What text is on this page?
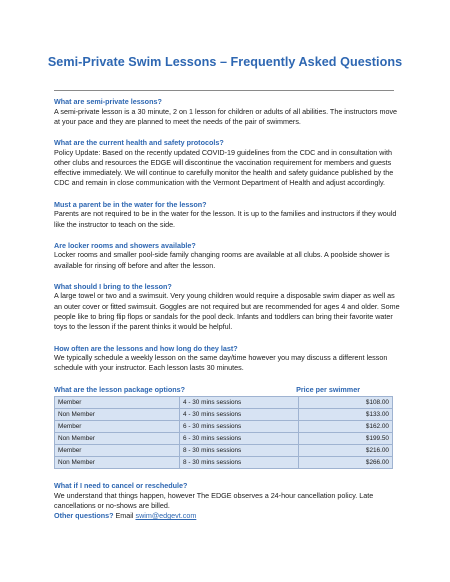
Semi-Private Swim Lessons – Frequently Asked Questions

What are semi-private lessons?

A semi-private lesson is a 30 minute, 2 on 1 lesson for children or adults of all abilities. The instructors move at your pace and they are planned to meet the needs of the pair of swimmers.

What are the current health and safety protocols?

Policy Update: Based on the recently updated COVID-19 guidelines from the CDC and in consultation with other clubs and resources the EDGE will discontinue the vaccination requirement for members and guests effective immediately. We will continue to carefully monitor the health and safety guidance published by the CDC and remain in close communication with the Vermont Department of Health and adjust accordingly.

Must a parent be in the water for the lesson?

Parents are not required to be in the water for the lesson. It is up to the families and instructors if they would like the instructor to teach on the side.

Are locker rooms and showers available?

Locker rooms and smaller pool-side family changing rooms are available at all clubs. A poolside shower is available for rinsing off before and after the lesson.

What should I bring to the lesson?

A large towel or two and a swimsuit. Very young children would require a disposable swim diaper as well as an outer cover or fitted swimsuit. Goggles are not required but are recommended for ages 4 and older. Some people like to bring flip flops or sandals for the pool deck. Infants and toddlers can bring their favorite water toys to the lesson if the parent thinks it would be helpful.

How often are the lessons and how long do they last?

We typically schedule a weekly lesson on the same day/time however you may discuss a different lesson schedule with your instructor. Each lesson lasts 30 minutes.

What are the lesson package options?	Price per swimmer
Member	4 - 30 mins sessions	$108.00
Non Member	4 - 30 mins sessions	$133.00
Member	6 - 30 mins sessions	$162.00
Non Member	6 - 30 mins sessions	$199.50
Member	8 - 30 mins sessions	$216.00
Non Member	8 - 30 mins sessions	$266.00

What if I need to cancel or reschedule?

We understand that things happen, however The EDGE observes a 24-hour cancellation policy. Late cancellations or no-shows are billed.

Other questions? Email swim@edgevt.com
